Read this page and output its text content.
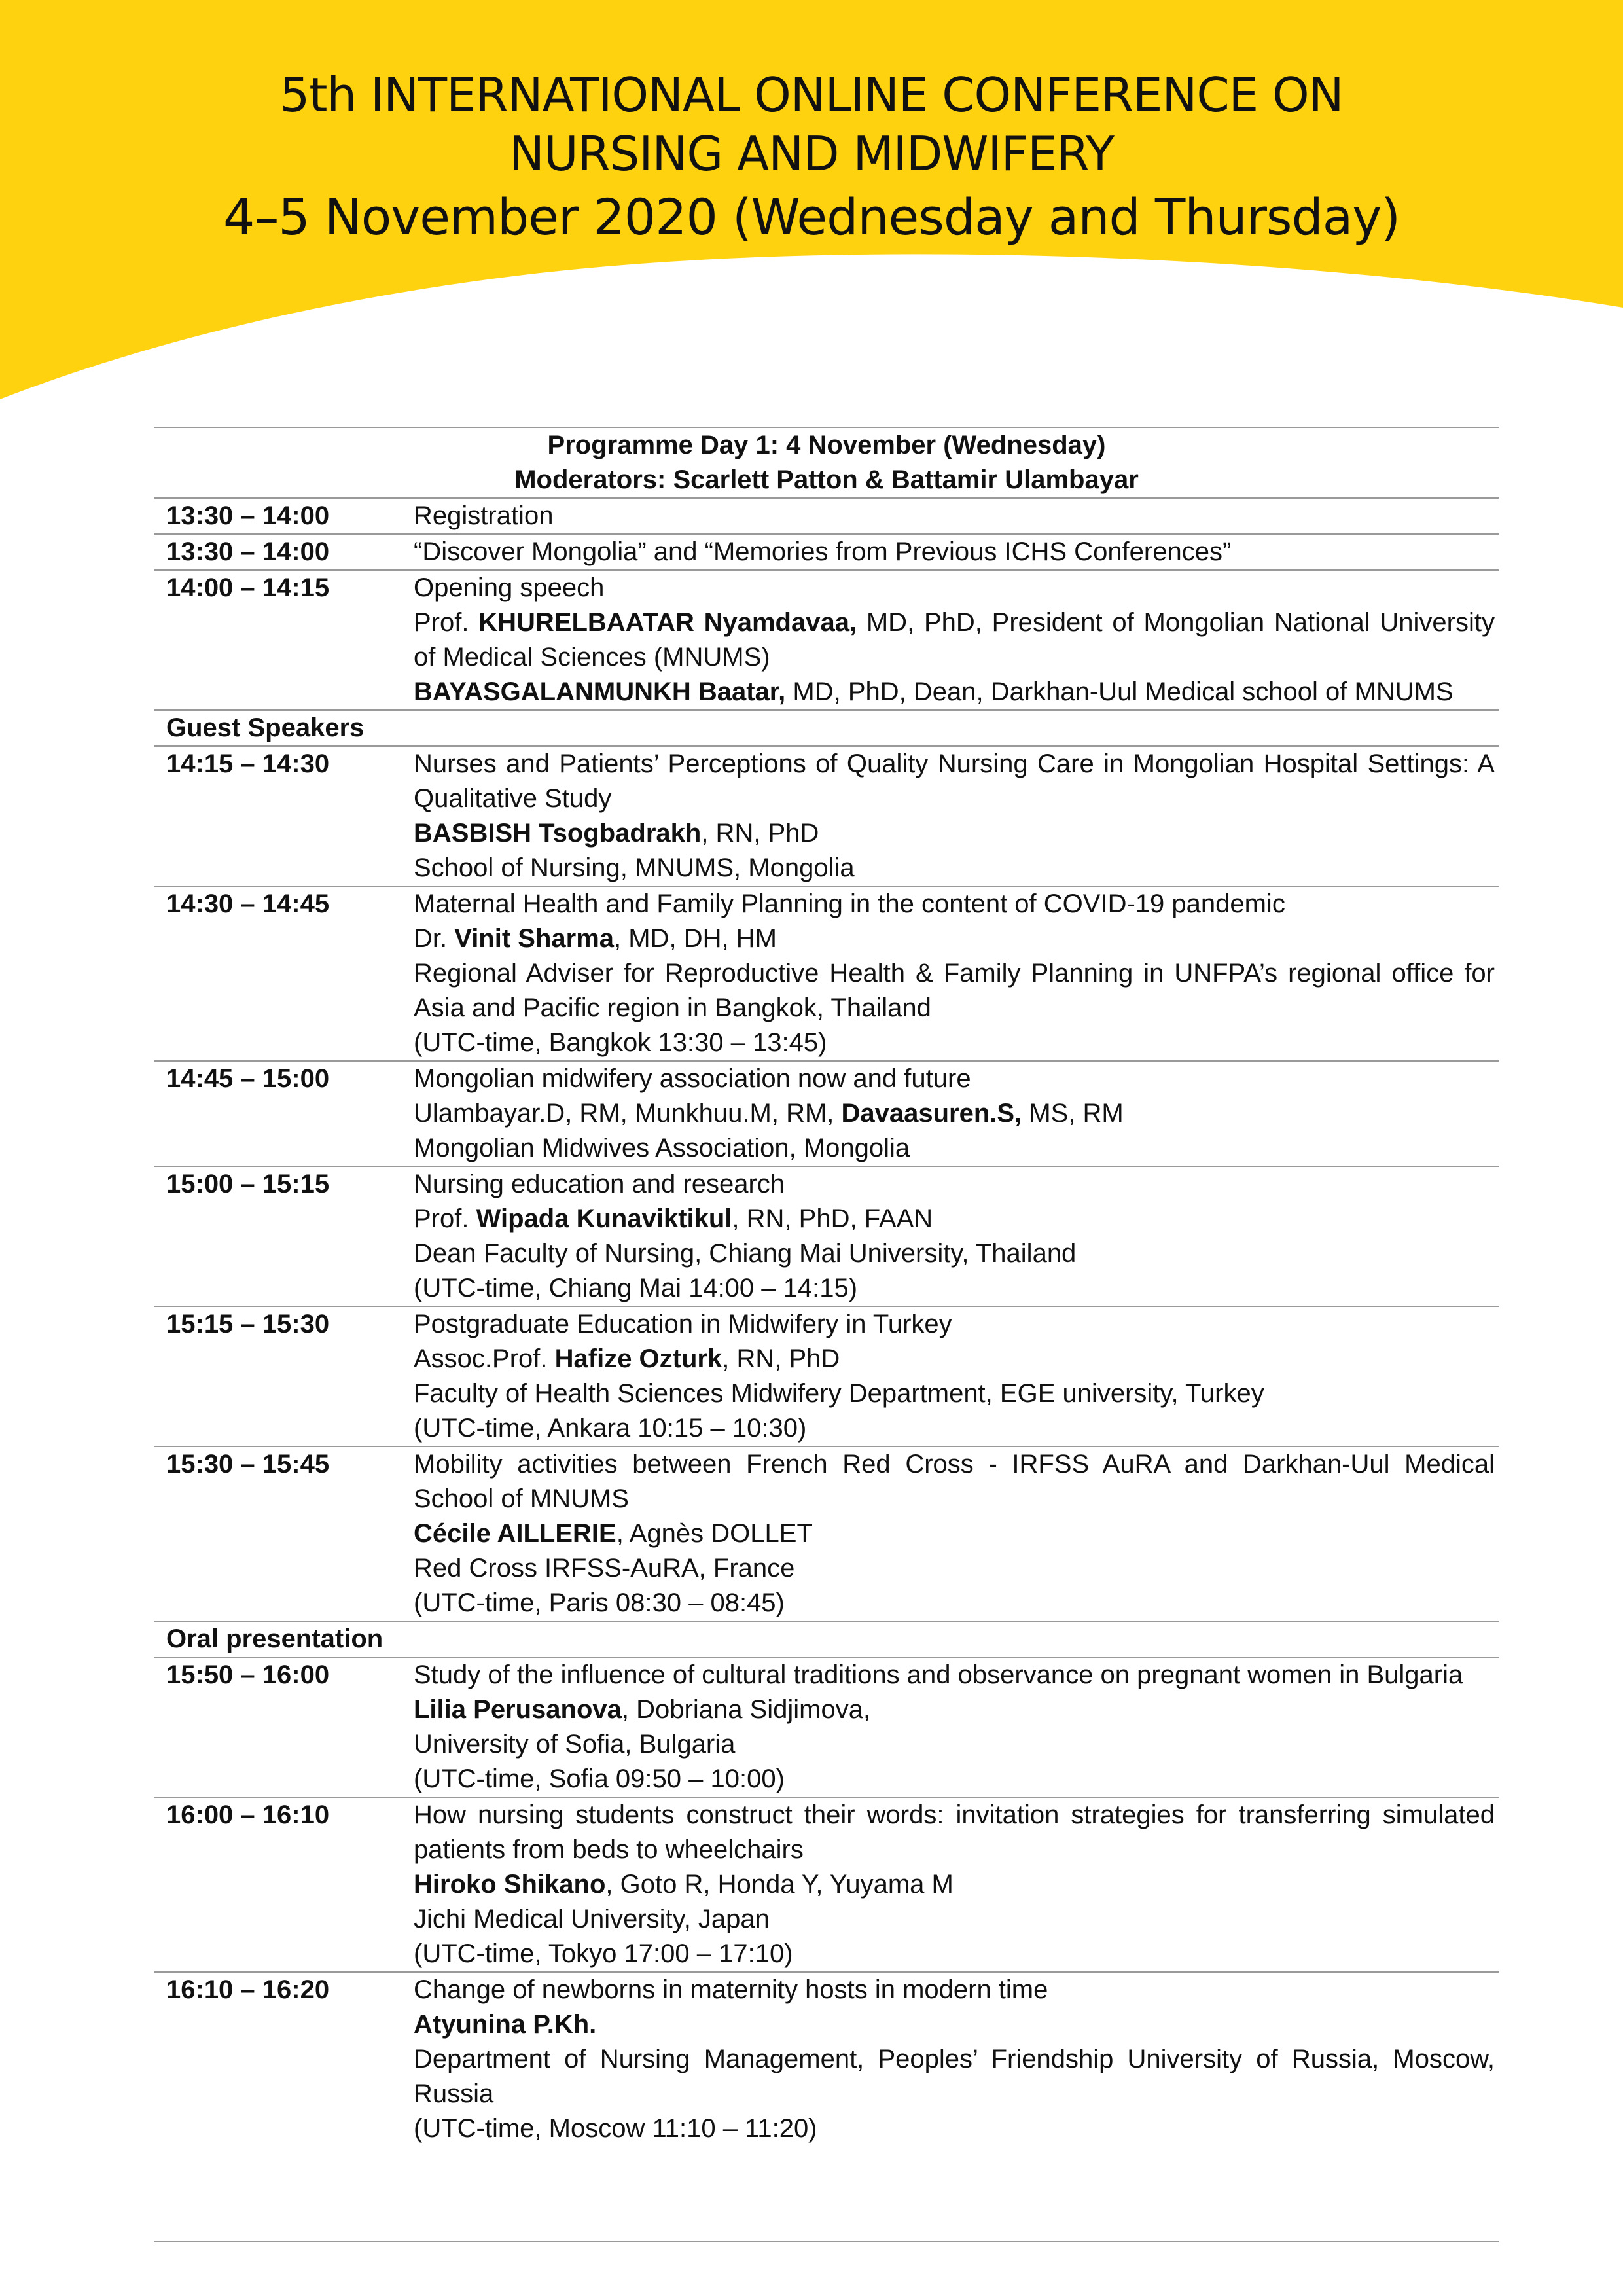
5th INTERNATIONAL ONLINE CONFERENCE ON
NURSING AND MIDWIFERY
4–5 November 2020 (Wednesday and Thursday)
Programme Day 1: 4 November (Wednesday)
Moderators: Scarlett Patton & Battamir Ulambayar
13:30 – 14:00	Registration
13:30 – 14:00	“Discover Mongolia” and “Memories from Previous ICHS Conferences”
14:00 – 14:15	Opening speech
Prof. KHURELBAATAR Nyamdavaa, MD, PhD, President of Mongolian National University of Medical Sciences (MNUMS)
BAYASGALANMUNKH Baatar, MD, PhD, Dean, Darkhan-Uul Medical school of MNUMS
Guest Speakers
14:15 – 14:30	Nurses and Patients’ Perceptions of Quality Nursing Care in Mongolian Hospital Settings: A Qualitative Study
BASBISH Tsogbadrakh, RN, PhD
School of Nursing, MNUMS, Mongolia
14:30 – 14:45	Maternal Health and Family Planning in the content of COVID-19 pandemic
Dr. Vinit Sharma, MD, DH, HM
Regional Adviser for Reproductive Health & Family Planning in UNFPA’s regional office for Asia and Pacific region in Bangkok, Thailand
(UTC-time, Bangkok 13:30 – 13:45)
14:45 – 15:00	Mongolian midwifery association now and future
Ulambayar.D, RM, Munkhuu.M, RM, Davaasuren.S, MS, RM
Mongolian Midwives Association, Mongolia
15:00 – 15:15	Nursing education and research
Prof. Wipada Kunaviktikul, RN, PhD, FAAN
Dean Faculty of Nursing, Chiang Mai University, Thailand
(UTC-time, Chiang Mai 14:00 – 14:15)
15:15 – 15:30	Postgraduate Education in Midwifery in Turkey
Assoc.Prof. Hafize Ozturk, RN, PhD
Faculty of Health Sciences Midwifery Department, EGE university, Turkey
(UTC-time, Ankara 10:15 – 10:30)
15:30 – 15:45	Mobility activities between French Red Cross - IRFSS AuRA and Darkhan-Uul Medical School of MNUMS
Cécile AILLERIE, Agnès DOLLET
Red Cross IRFSS-AuRA, France
(UTC-time, Paris 08:30 – 08:45)
Oral presentation
15:50 – 16:00	Study of the influence of cultural traditions and observance on pregnant women in Bulgaria
Lilia Perusanova, Dobriana Sidjimova,
University of Sofia, Bulgaria
(UTC-time, Sofia 09:50 – 10:00)
16:00 – 16:10	How nursing students construct their words: invitation strategies for transferring simulated patients from beds to wheelchairs
Hiroko Shikano, Goto R, Honda Y, Yuyama M
Jichi Medical University, Japan
(UTC-time, Tokyo 17:00 – 17:10)
16:10 – 16:20	Change of newborns in maternity hosts in modern time
Atyunina P.Kh.
Department of Nursing Management, Peoples’ Friendship University of Russia, Moscow, Russia
(UTC-time, Moscow 11:10 – 11:20)
